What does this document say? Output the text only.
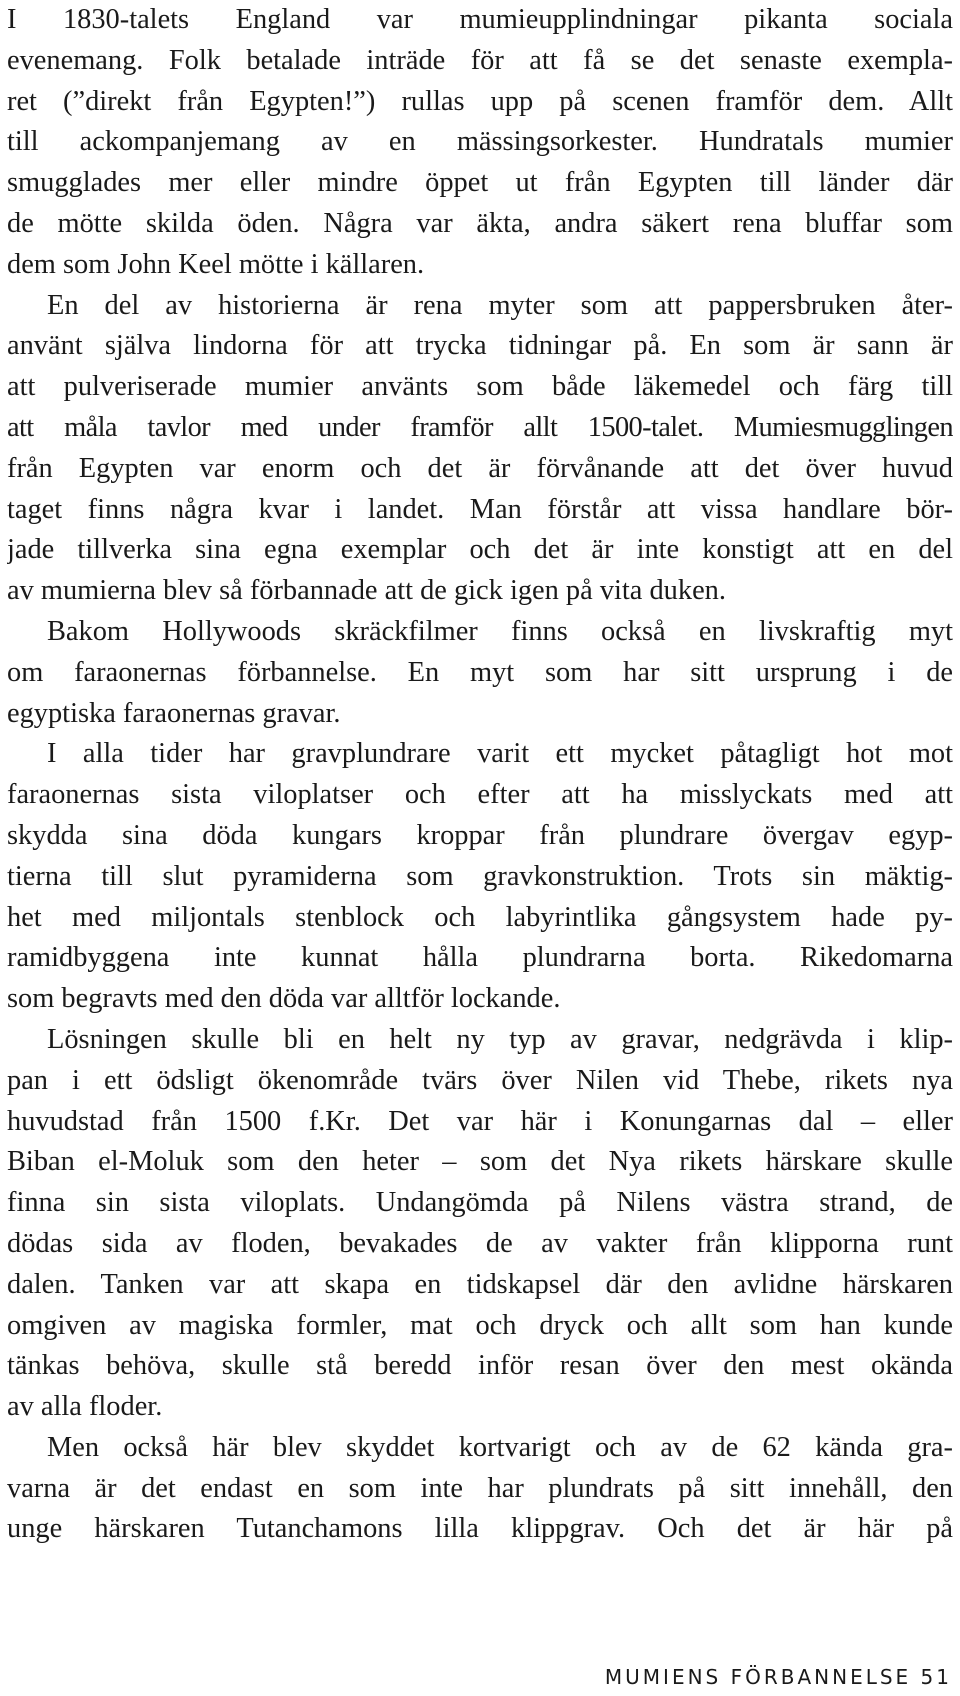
I 1830-talets England var mumieupplindningar pikanta sociala
evenemang. Folk betalade inträde för att få se det senaste exempla-
ret (”direkt från Egypten!”) rullas upp på scenen framför dem. Allt
till ackompanjemang av en mässingsorkester. Hundratals mumier
smugglades mer eller mindre öppet ut från Egypten till länder där
de mötte skilda öden. Några var äkta, andra säkert rena bluffar som
dem som John Keel mötte i källaren.
En del av historierna är rena myter som att pappersbruken åter-
använt själva lindorna för att trycka tidningar på. En som är sann är
att pulveriserade mumier använts som både läkemedel och färg till
att måla tavlor med under framför allt 1500-talet. Mumiesmugglingen
från Egypten var enorm och det är förvånande att det över huvud
taget finns några kvar i landet. Man förstår att vissa handlare bör-
jade tillverka sina egna exemplar och det är inte konstigt att en del
av mumierna blev så förbannade att de gick igen på vita duken.
Bakom Hollywoods skräckfilmer finns också en livskraftig myt
om faraonernas förbannelse. En myt som har sitt ursprung i de
egyptiska faraonernas gravar.
I alla tider har gravplundrare varit ett mycket påtagligt hot mot
faraonernas sista viloplatser och efter att ha misslyckats med att
skydda sina döda kungars kroppar från plundrare övergav egyp-
tierna till slut pyramiderna som gravkonstruktion. Trots sin mäktig-
het med miljontals stenblock och labyrintlika gångsystem hade py-
ramidbyggena inte kunnat hålla plundrarna borta. Rikedomarna
som begravts med den döda var alltför lockande.
Lösningen skulle bli en helt ny typ av gravar, nedgrävda i klip-
pan i ett ödsligt ökenområde tvärs över Nilen vid Thebe, rikets nya
huvudstad från 1500 f.Kr. Det var här i Konungarnas dal – eller
Biban el-Moluk som den heter – som det Nya rikets härskare skulle
finna sin sista viloplats. Undangömda på Nilens västra strand, de
dödas sida av floden, bevakades de av vakter från klipporna runt
dalen. Tanken var att skapa en tidskapsel där den avlidne härskaren
omgiven av magiska formler, mat och dryck och allt som han kunde
tänkas behöva, skulle stå beredd inför resan över den mest okända
av alla floder.
Men också här blev skyddet kortvarigt och av de 62 kända gra-
varna är det endast en som inte har plundrats på sitt innehåll, den
unge härskaren Tutanchamons lilla klippgrav. Och det är här på
MUMIENS FÖRBANNELSE 51
